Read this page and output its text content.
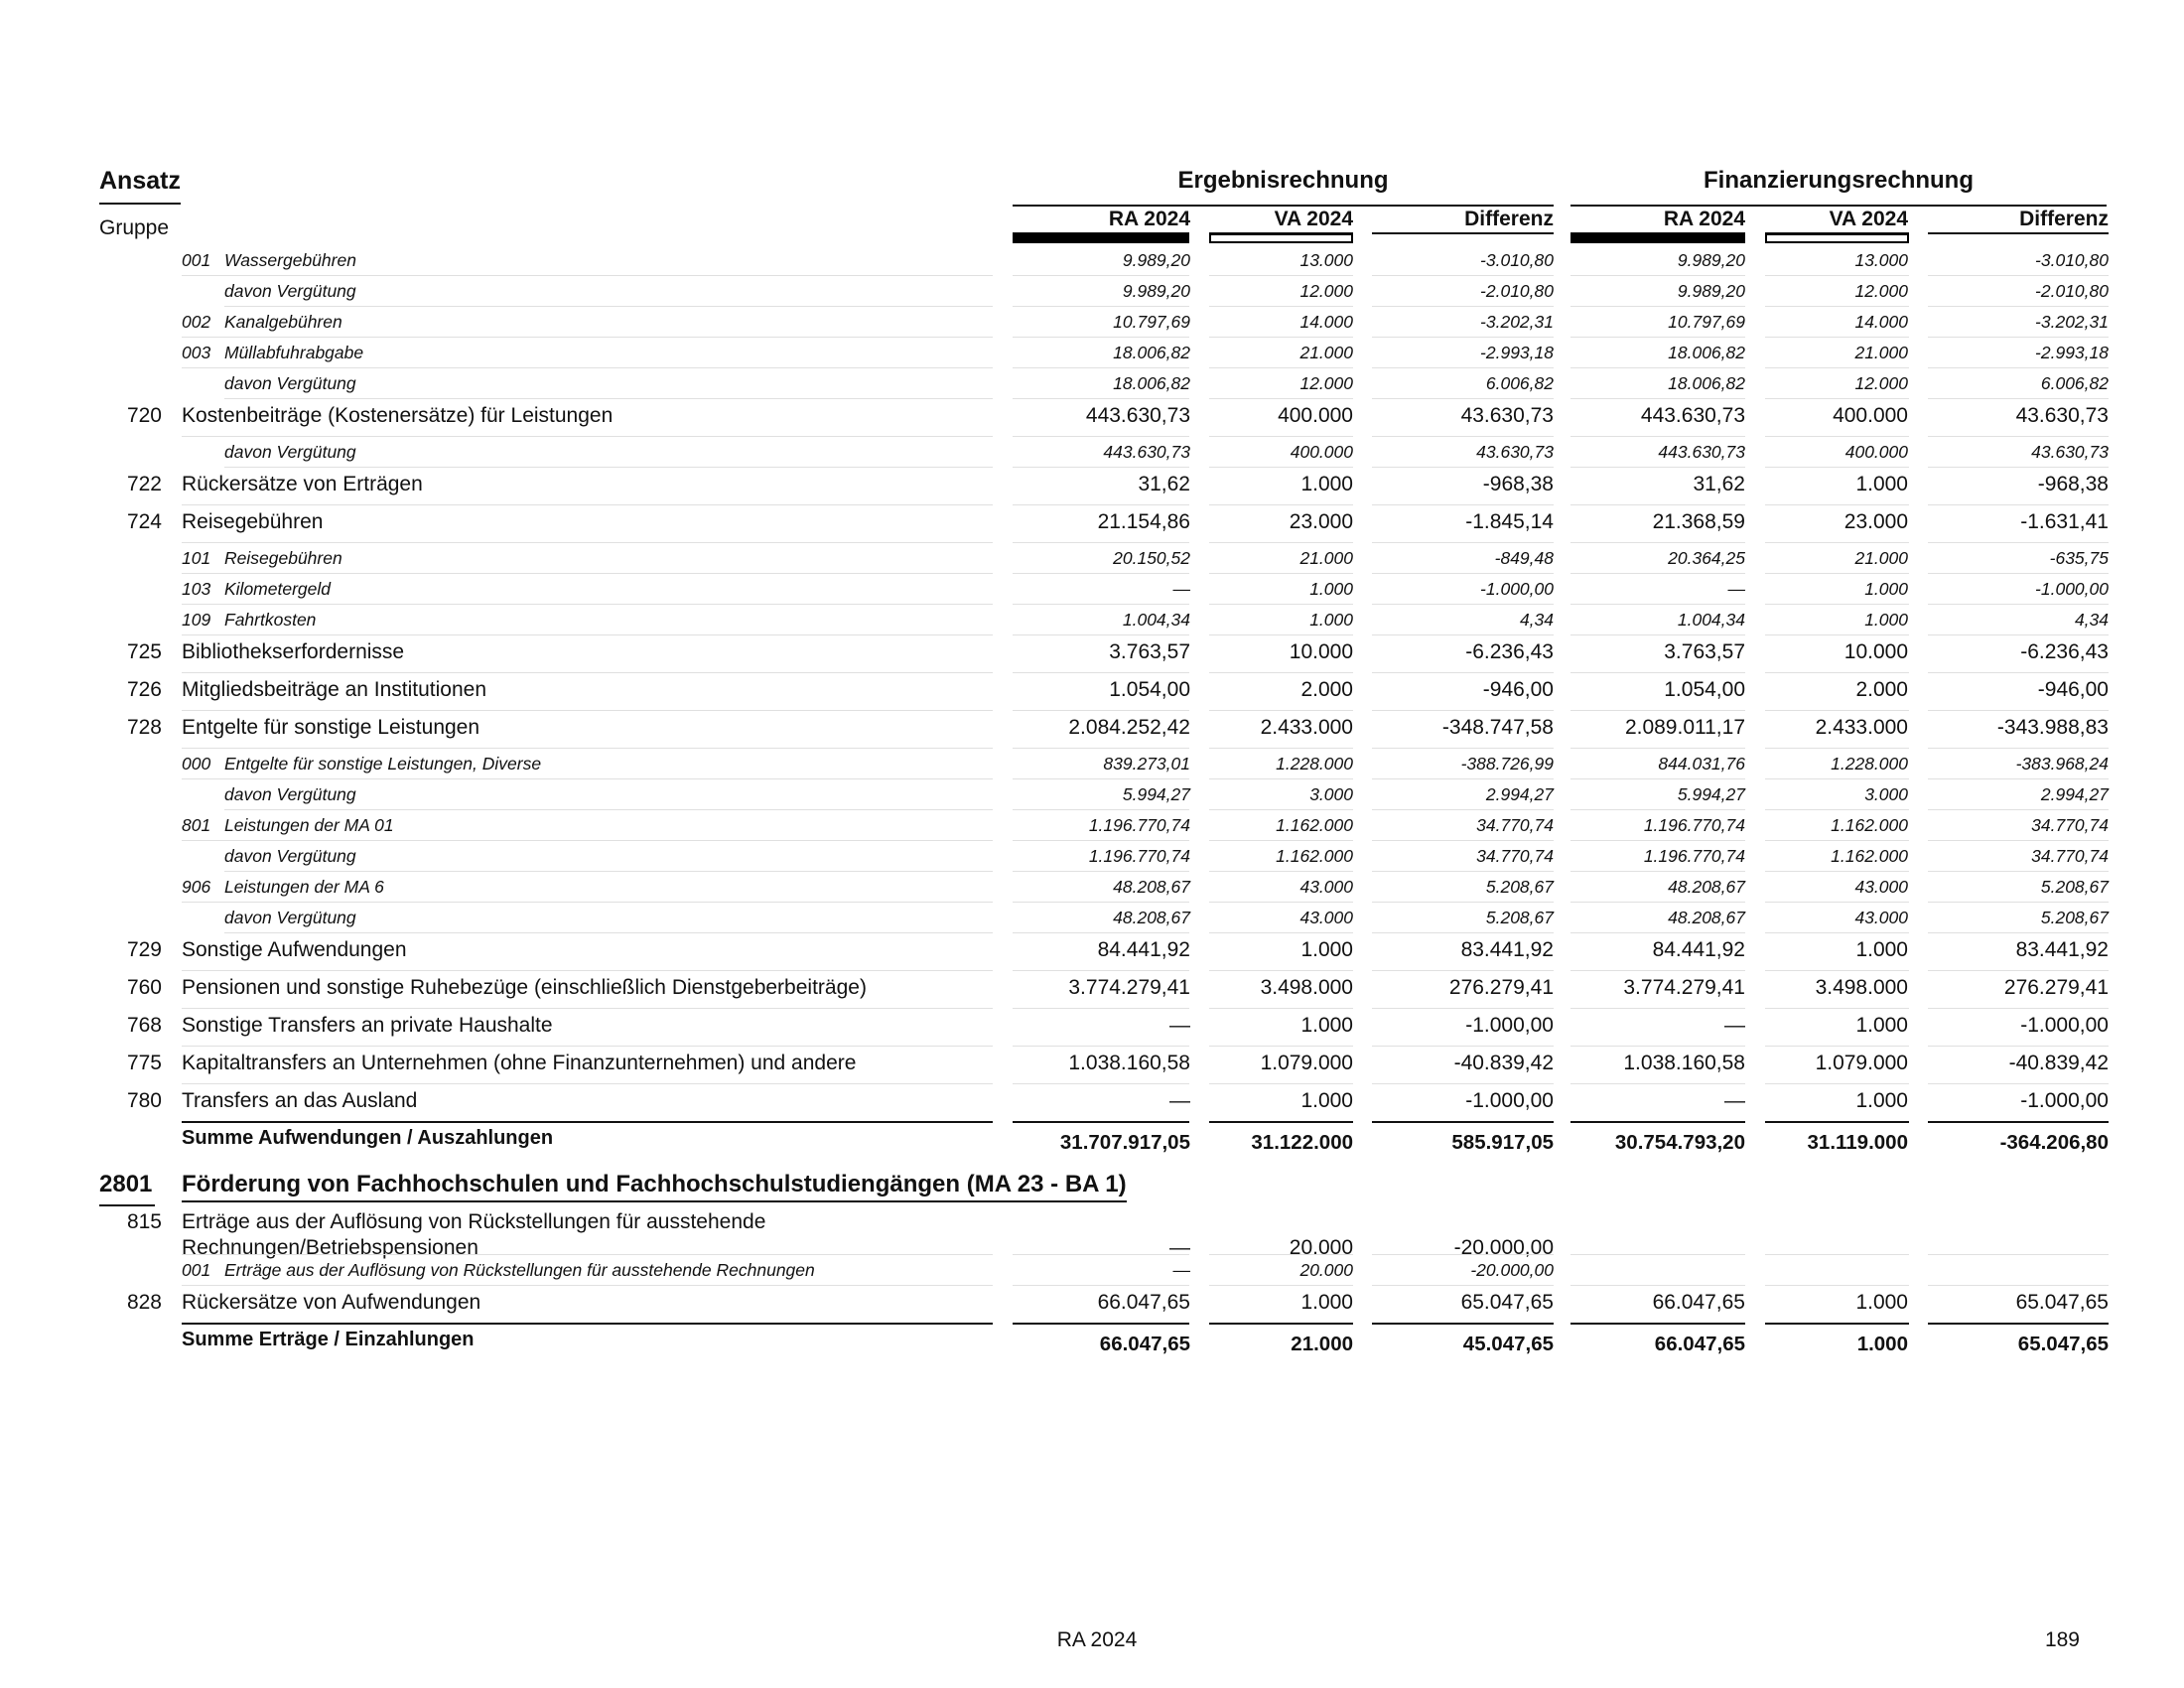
Ansatz
Gruppe
Ergebnisrechnung	Finanzierungsrechnung
RA 2024	VA 2024	Differenz	RA 2024	VA 2024	Differenz
001 Wassergebühren	9.989,20	13.000	-3.010,80	9.989,20	13.000	-3.010,80
davon Vergütung	9.989,20	12.000	-2.010,80	9.989,20	12.000	-2.010,80
002 Kanalgebühren	10.797,69	14.000	-3.202,31	10.797,69	14.000	-3.202,31
003 Müllabfuhrabgabe	18.006,82	21.000	-2.993,18	18.006,82	21.000	-2.993,18
davon Vergütung	18.006,82	12.000	6.006,82	18.006,82	12.000	6.006,82
720 Kostenbeiträge (Kostenersätze) für Leistungen	443.630,73	400.000	43.630,73	443.630,73	400.000	43.630,73
davon Vergütung	443.630,73	400.000	43.630,73	443.630,73	400.000	43.630,73
722 Rückersätze von Erträgen	31,62	1.000	-968,38	31,62	1.000	-968,38
724 Reisegebühren	21.154,86	23.000	-1.845,14	21.368,59	23.000	-1.631,41
101 Reisegebühren	20.150,52	21.000	-849,48	20.364,25	21.000	-635,75
103 Kilometergeld	—	1.000	-1.000,00	—	1.000	-1.000,00
109 Fahrtkosten	1.004,34	1.000	4,34	1.004,34	1.000	4,34
725 Bibliothekserfordernisse	3.763,57	10.000	-6.236,43	3.763,57	10.000	-6.236,43
726 Mitgliedsbeiträge an Institutionen	1.054,00	2.000	-946,00	1.054,00	2.000	-946,00
728 Entgelte für sonstige Leistungen	2.084.252,42	2.433.000	-348.747,58	2.089.011,17	2.433.000	-343.988,83
000 Entgelte für sonstige Leistungen, Diverse	839.273,01	1.228.000	-388.726,99	844.031,76	1.228.000	-383.968,24
davon Vergütung	5.994,27	3.000	2.994,27	5.994,27	3.000	2.994,27
801 Leistungen der MA 01	1.196.770,74	1.162.000	34.770,74	1.196.770,74	1.162.000	34.770,74
davon Vergütung	1.196.770,74	1.162.000	34.770,74	1.196.770,74	1.162.000	34.770,74
906 Leistungen der MA 6	48.208,67	43.000	5.208,67	48.208,67	43.000	5.208,67
davon Vergütung	48.208,67	43.000	5.208,67	48.208,67	43.000	5.208,67
729 Sonstige Aufwendungen	84.441,92	1.000	83.441,92	84.441,92	1.000	83.441,92
760 Pensionen und sonstige Ruhebezüge (einschließlich Dienstgeberbeiträge)	3.774.279,41	3.498.000	276.279,41	3.774.279,41	3.498.000	276.279,41
768 Sonstige Transfers an private Haushalte	—	1.000	-1.000,00	—	1.000	-1.000,00
775 Kapitaltransfers an Unternehmen (ohne Finanzunternehmen) und andere	1.038.160,58	1.079.000	-40.839,42	1.038.160,58	1.079.000	-40.839,42
780 Transfers an das Ausland	—	1.000	-1.000,00	—	1.000	-1.000,00
Summe Aufwendungen / Auszahlungen	31.707.917,05	31.122.000	585.917,05	30.754.793,20	31.119.000	-364.206,80
2801 Förderung von Fachhochschulen und Fachhochschulstudiengängen (MA 23 - BA 1)
815 Erträge aus der Auflösung von Rückstellungen für ausstehende
Rechnungen/Betriebspensionen	—	20.000	-20.000,00
001 Erträge aus der Auflösung von Rückstellungen für ausstehende Rechnungen	—	20.000	-20.000,00
828 Rückersätze von Aufwendungen	66.047,65	1.000	65.047,65	66.047,65	1.000	65.047,65
Summe Erträge / Einzahlungen	66.047,65	21.000	45.047,65	66.047,65	1.000	65.047,65
RA 2024	189
